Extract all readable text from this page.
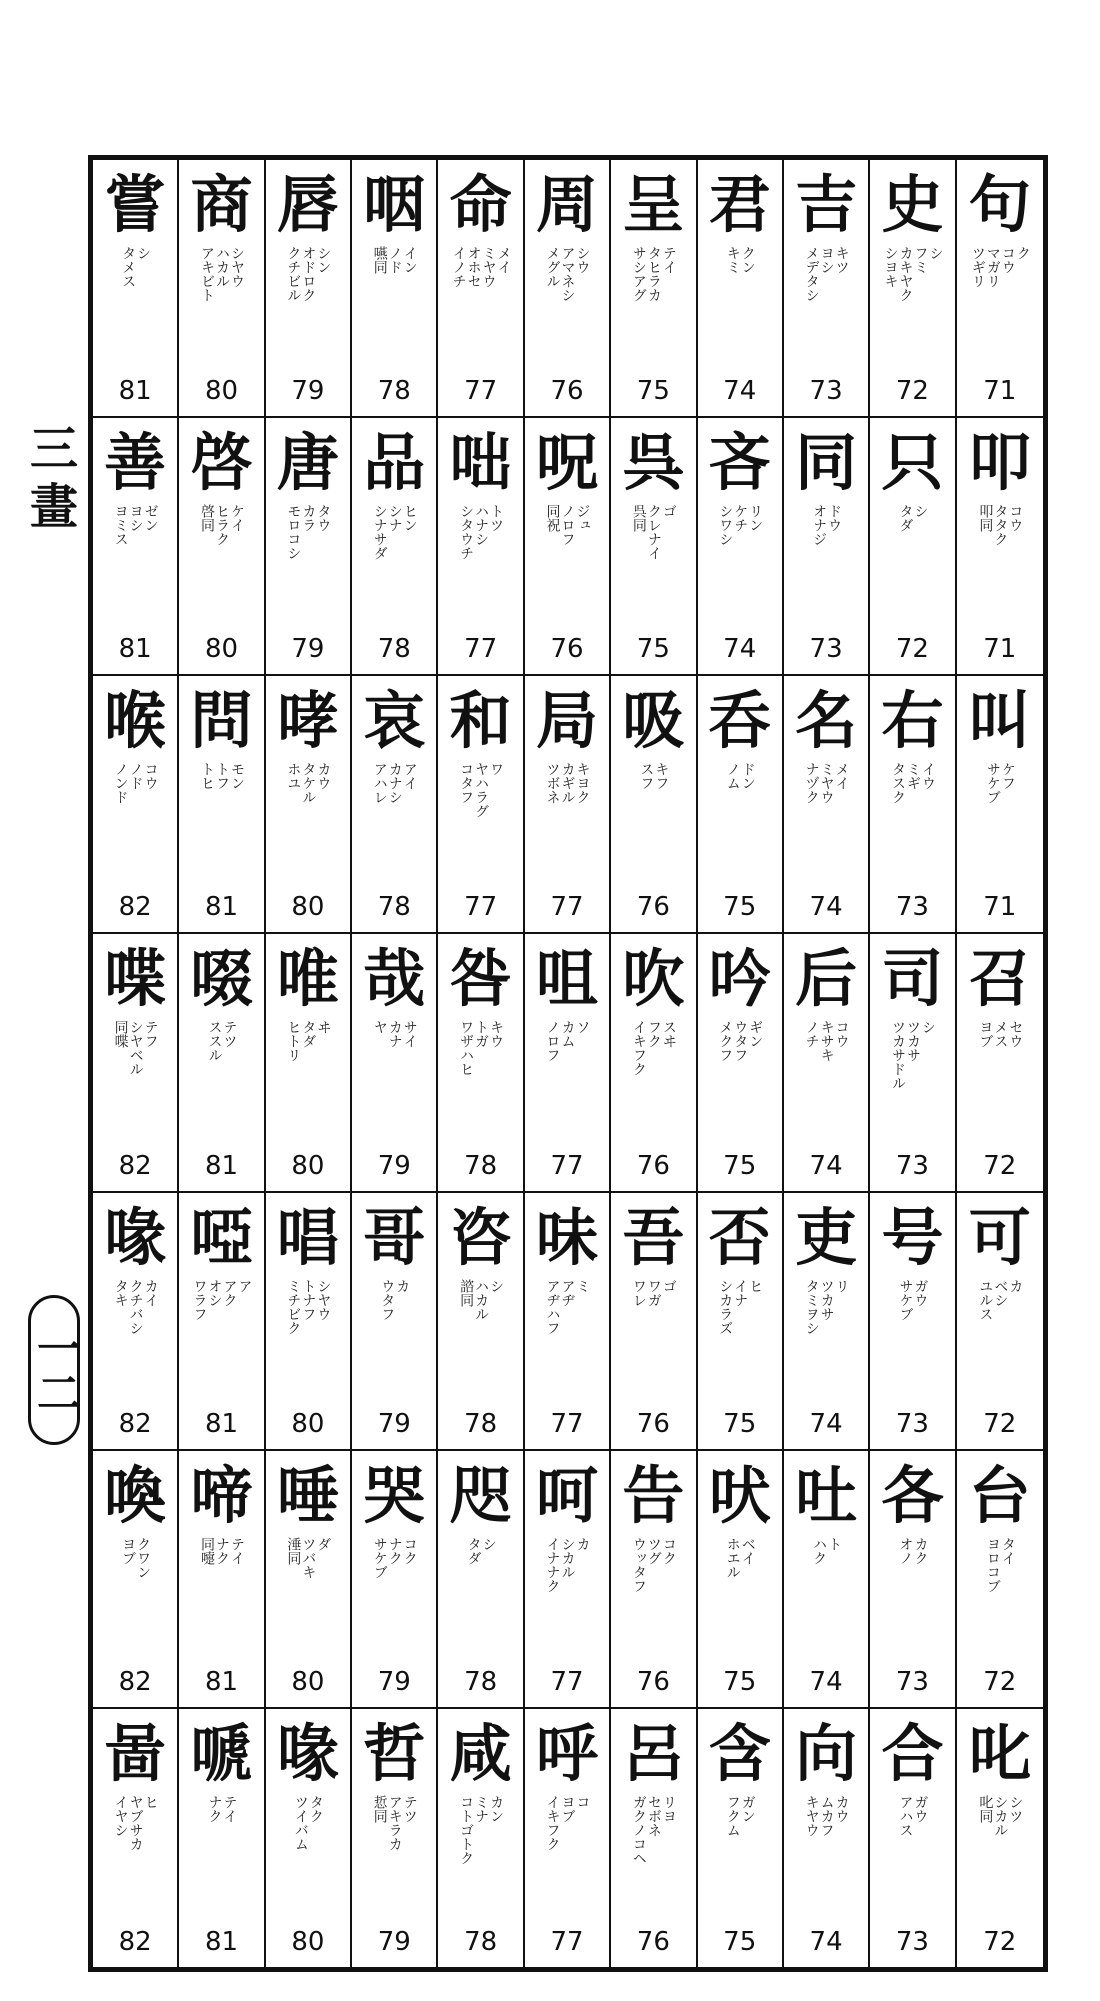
三
畫
一二
嘗
シ
タメス
81
商
シヤウ
ハカル
アキビト
80
唇
シン
オドロク
クチビル
79
咽
イン
ノド
嚥同
78
命
メイ
ミヤウ
オホセ
イノチ
77
周
シウ
アマネシ
メグル
76
呈
テイ
タヒラカ
サシアグ
75
君
クン
キミ
74
吉
キツ
ヨシ
メデタシ
73
史
シ
フミ
カキヤク
シヨキ
72
句
ク
コウ
マガリ
ツギリ
71
善
ゼン
ヨシ
ヨミス
81
啓
ケイ
ヒラク
啓同
80
唐
タウ
カラ
モロコシ
79
品
ヒン
シナ
シナサダ
78
咄
トツ
ハナシ
シタウチ
77
呪
ジュ
ノロフ
同祝
76
呉
ゴ
クレナイ
呉同
75
吝
リン
ケチ
シワシ
74
同
ドウ
オナジ
73
只
シ
タダ
72
叩
コウ
タタク
叩同
71
喉
コウ
ノド
ノンド
82
問
モン
トフ
トヒ
81
哮
カウ
タケル
ホユ
80
哀
アイ
カナシ
アハレ
78
和
ワ
ヤハラグ
コタフ
77
局
キヨク
カギル
ツボネ
77
吸
キフ
スフ
76
呑
ドン
ノム
75
名
メイ
ミヤウ
ナヅク
74
右
イウ
ミギ
タスク
73
叫
ケフ
サケブ
71
喋
テフ
シヤベル
同喋
82
啜
テツ
ススル
81
唯
ヰ
タダ
ヒトリ
80
哉
サイ
カナ
ヤ
79
咎
キウ
トガ
ワザハヒ
78
咀
ソ
カム
ノロフ
77
吹
スヰ
フク
イキフク
76
吟
ギン
ウタフ
メクフ
75
后
コウ
キサキ
ノチ
74
司
シ
ツカサ
ツカサドル
73
召
セウ
メス
ヨブ
72
喙
カイ
クチバシ
タキ
82
啞
ア
アク
オシ
ワラフ
81
唱
シヤウ
トナフ
ミチビク
80
哥
カ
ウタフ
79
咨
シ
ハカル
諮同
78
味
ミ
アヂ
アヂハフ
77
吾
ゴ
ワガ
ワレ
76
否
ヒ
イナ
シカラズ
75
吏
リ
ツカサ
タミヲシ
74
号
ガウ
サケブ
73
可
カ
ベシ
ユルス
72
喚
クワン
ヨブ
82
啼
テイ
ナク
同嚏
81
唾
ダ
ツバキ
涶同
80
哭
コク
ナク
サケブ
79
咫
シ
タダ
78
呵
カ
シカル
イナナク
77
告
コク
ツグ
ウッタフ
76
吠
ベイ
ホエル
75
吐
ト
ハク
74
各
カク
オノ
73
台
タイ
ヨロコブ
72
啚
ヒ
ヤブサカ
イヤシ
82
嗁
テイ
ナク
81
喙
タク
ツイバム
80
哲
テツ
アキラカ
悊同
79
咸
カン
ミナ
コトゴトク
78
呼
コ
ヨブ
イキフク
77
呂
リヨ
セボネ
ガクノコヘ
76
含
ガン
フクム
75
向
カウ
ムカフ
キヤウ
74
合
ガウ
アハス
73
叱
シツ
シカル
叱同
72
